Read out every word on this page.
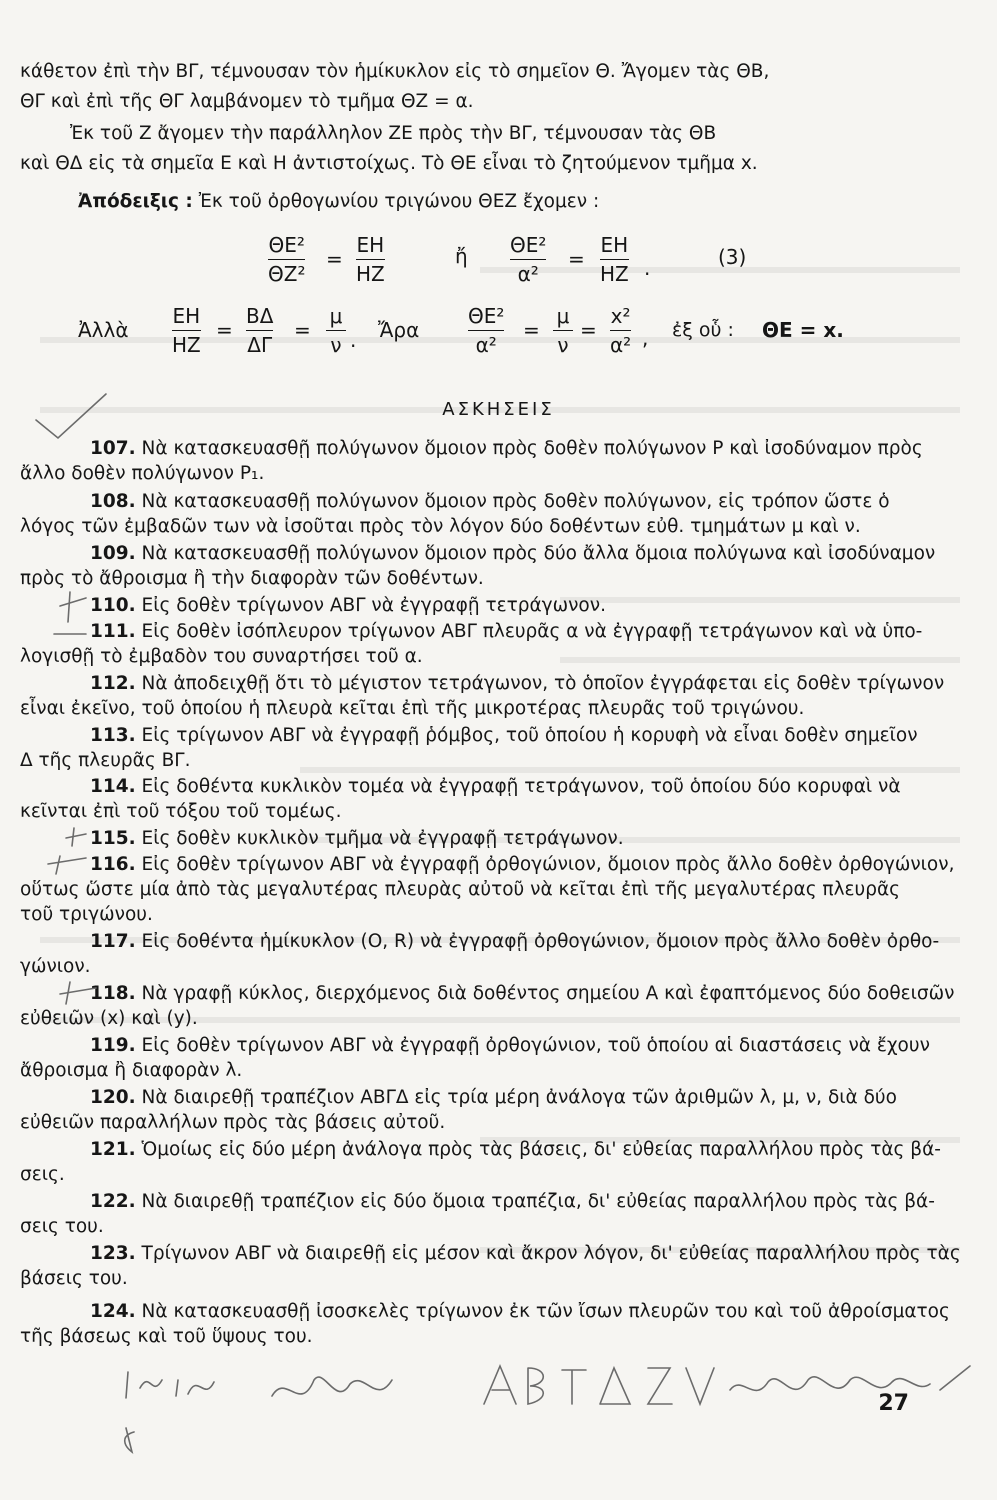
κάθετον ἐπὶ τὴν ΒΓ, τέμνουσαν τὸν ἡμίκυκλον εἰς τὸ σημεῖον Θ. Ἄγομεν τὰς ΘΒ,
ΘΓ καὶ ἐπὶ τῆς ΘΓ λαμβάνομεν τὸ τμῆμα ΘΖ = α.
Ἐκ τοῦ Ζ ἄγομεν τὴν παράλληλον ΖΕ πρὸς τὴν ΒΓ, τέμνουσαν τὰς ΘΒ
καὶ ΘΔ εἰς τὰ σημεῖα Ε καὶ Η ἀντιστοίχως. Τὸ ΘΕ εἶναι τὸ ζητούμενον τμῆμα x.
Ἀπόδειξις : Ἐκ τοῦ ὀρθογωνίου τριγώνου ΘΕΖ ἔχομεν :
ΘΕ²
ΘΖ²
=
ΕΗ
ΗΖ
ἤ ΘΕ²
α²
=
ΕΗ
ΗΖ .	(3)
Ἀλλὰ
ΕΗ
ΗΖ
=
ΒΔ
ΔΓ
=
μ
ν . Ἄρα
ΘΕ²
α²
=
μ
ν
=
x²
α² , ἐξ οὗ : ΘΕ = x.
ΑΣΚΗΣΕΙΣ
107. Νὰ κατασκευασθῇ πολύγωνον ὅμοιον πρὸς δοθὲν πολύγωνον P καὶ ἰσοδύναμον πρὸς
ἄλλο δοθὲν πολύγωνον P₁.
108. Νὰ κατασκευασθῇ πολύγωνον ὅμοιον πρὸς δοθὲν πολύγωνον, εἰς τρόπον ὥστε ὁ
λόγος τῶν ἐμβαδῶν των νὰ ἰσοῦται πρὸς τὸν λόγον δύο δοθέντων εὐθ. τμημάτων μ καὶ ν.
109. Νὰ κατασκευασθῇ πολύγωνον ὅμοιον πρὸς δύο ἄλλα ὅμοια πολύγωνα καὶ ἰσοδύναμον
πρὸς τὸ ἄθροισμα ἢ τὴν διαφορὰν τῶν δοθέντων.
110. Εἰς δοθὲν τρίγωνον ΑΒΓ νὰ ἐγγραφῇ τετράγωνον.
111. Εἰς δοθὲν ἰσόπλευρον τρίγωνον ΑΒΓ πλευρᾶς α νὰ ἐγγραφῇ τετράγωνον καὶ νὰ ὑπο-
λογισθῇ τὸ ἐμβαδὸν του συναρτήσει τοῦ α.
112. Νὰ ἀποδειχθῇ ὅτι τὸ μέγιστον τετράγωνον, τὸ ὁποῖον ἐγγράφεται εἰς δοθὲν τρίγωνον
εἶναι ἐκεῖνο, τοῦ ὁποίου ἡ πλευρὰ κεῖται ἐπὶ τῆς μικροτέρας πλευρᾶς τοῦ τριγώνου.
113. Εἰς τρίγωνον ΑΒΓ νὰ ἐγγραφῇ ῥόμβος, τοῦ ὁποίου ἡ κορυφὴ νὰ εἶναι δοθὲν σημεῖον
Δ τῆς πλευρᾶς ΒΓ.
114. Εἰς δοθέντα κυκλικὸν τομέα νὰ ἐγγραφῇ τετράγωνον, τοῦ ὁποίου δύο κορυφαὶ νὰ
κεῖνται ἐπὶ τοῦ τόξου τοῦ τομέως.
115. Εἰς δοθὲν κυκλικὸν τμῆμα νὰ ἐγγραφῇ τετράγωνον.
116. Εἰς δοθὲν τρίγωνον ΑΒΓ νὰ ἐγγραφῇ ὀρθογώνιον, ὅμοιον πρὸς ἄλλο δοθὲν ὀρθογώνιον,
οὕτως ὥστε μία ἀπὸ τὰς μεγαλυτέρας πλευρὰς αὐτοῦ νὰ κεῖται ἐπὶ τῆς μεγαλυτέρας πλευρᾶς
τοῦ τριγώνου.
117. Εἰς δοθέντα ἡμίκυκλον (O, R) νὰ ἐγγραφῇ ὀρθογώνιον, ὅμοιον πρὸς ἄλλο δοθὲν ὀρθο-
γώνιον.
118. Νὰ γραφῇ κύκλος, διερχόμενος διὰ δοθέντος σημείου Α καὶ ἐφαπτόμενος δύο δοθεισῶν
εὐθειῶν (x) καὶ (y).
119. Εἰς δοθὲν τρίγωνον ΑΒΓ νὰ ἐγγραφῇ ὀρθογώνιον, τοῦ ὁποίου αἱ διαστάσεις νὰ ἔχουν
ἄθροισμα ἢ διαφορὰν λ.
120. Νὰ διαιρεθῇ τραπέζιον ΑΒΓΔ εἰς τρία μέρη ἀνάλογα τῶν ἀριθμῶν λ, μ, ν, διὰ δύο
εὐθειῶν παραλλήλων πρὸς τὰς βάσεις αὐτοῦ.
121. Ὁμοίως εἰς δύο μέρη ἀνάλογα πρὸς τὰς βάσεις, δι' εὐθείας παραλλήλου πρὸς τὰς βά-
σεις.
122. Νὰ διαιρεθῇ τραπέζιον εἰς δύο ὅμοια τραπέζια, δι' εὐθείας παραλλήλου πρὸς τὰς βά-
σεις του.
123. Τρίγωνον ΑΒΓ νὰ διαιρεθῇ εἰς μέσον καὶ ἄκρον λόγον, δι' εὐθείας παραλλήλου πρὸς τὰς
βάσεις του.
124. Νὰ κατασκευασθῇ ἰσοσκελὲς τρίγωνον ἐκ τῶν ἴσων πλευρῶν του καὶ τοῦ ἀθροίσματος
τῆς βάσεως καὶ τοῦ ὕψους του.
27
